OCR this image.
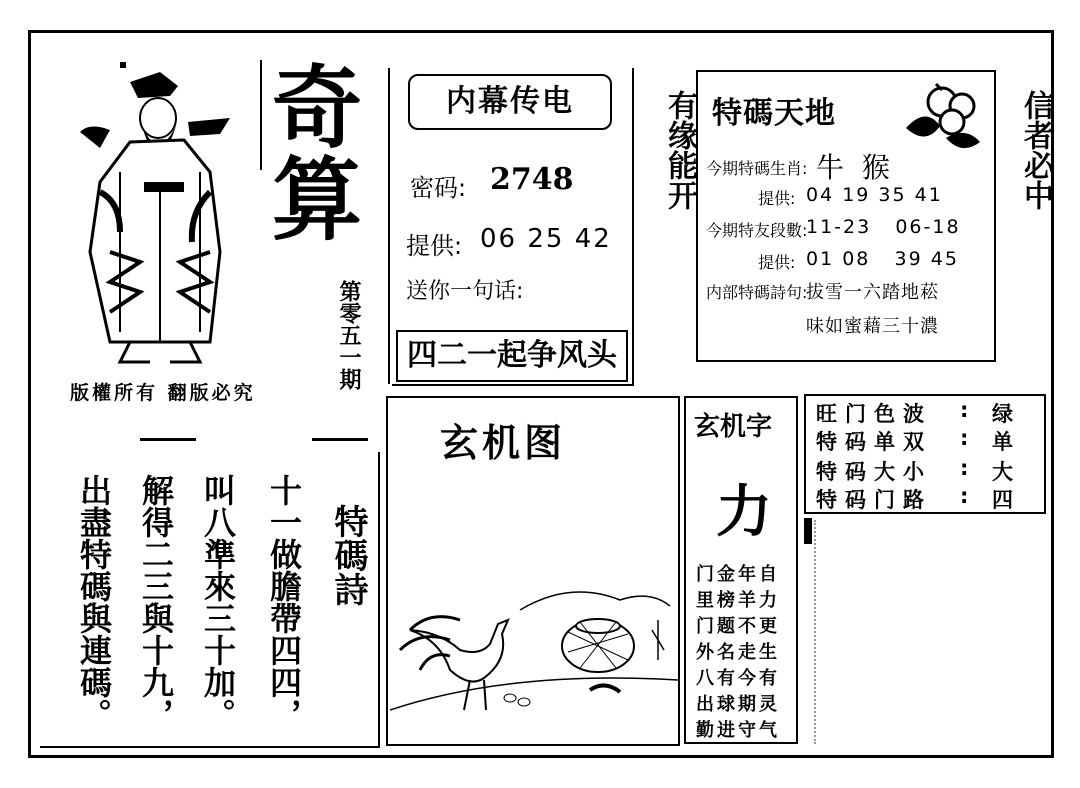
奇算
第零五一期
版權所有 翻版必究
特碼詩
十一做膽帶四四，
叫八準來三十加。
解得二三與十九，
出盡特碼與連碼。
内幕传电
密码: 2748
提供: 06 25 42
送你一句话:
四二一起争风头
有缘能开	信者必中
特碼天地
今期特碼生肖: 牛  猴
提供: 04 19 35 41
今期特友段數:
11-23   06-18
提供: 01 08   39 45
内部特碼詩句:
拔雪一六踏地菘
味如蜜藉三十濃
玄机图	玄机字
力
门金年自
里榜羊力
门题不更
外名走生
八有今有
出球期灵
勤进守气
旺门色波 : 绿
特码单双 : 单
特码大小 : 大
特码门路 : 四
